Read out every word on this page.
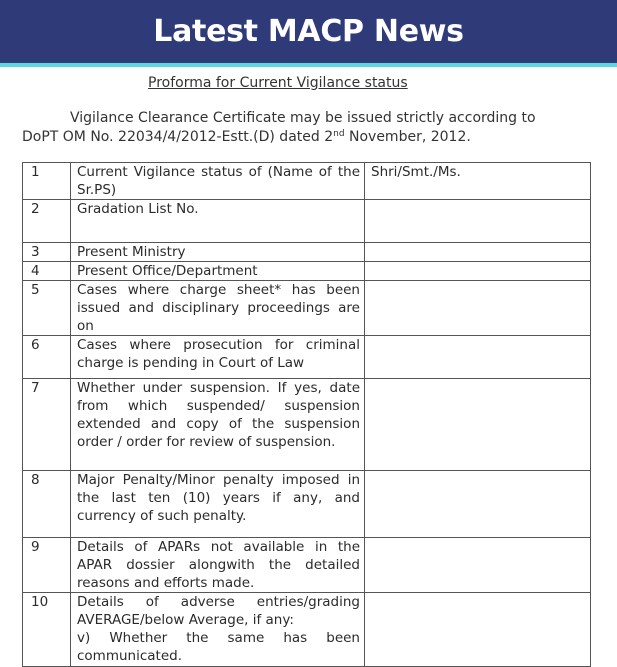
Latest MACP News
Proforma for Current Vigilance status
Vigilance Clearance Certificate may be issued strictly according to
DoPT OM No. 22034/4/2012-Estt.(D) dated 2nd November, 2012.
1	Current Vigilance status of (Name of the Sr.PS)	Shri/Smt./Ms.
2	Gradation List No.	
3	Present Ministry	
4	Present Office/Department	
5	Cases where charge sheet* has been issued and disciplinary proceedings are on	
6	Cases where prosecution for criminal charge is pending in Court of Law	
7	Whether under suspension. If yes, date from which suspended/ suspension extended and copy of the suspension order / order for review of suspension.	
8	Major Penalty/Minor penalty imposed in the last ten (10) years if any, and currency of such penalty.	
9	Details of APARs not available in the APAR dossier alongwith the detailed reasons and efforts made.	
10	Details of adverse entries/grading AVERAGE/below Average, if any:
v) Whether the same has been communicated.	
